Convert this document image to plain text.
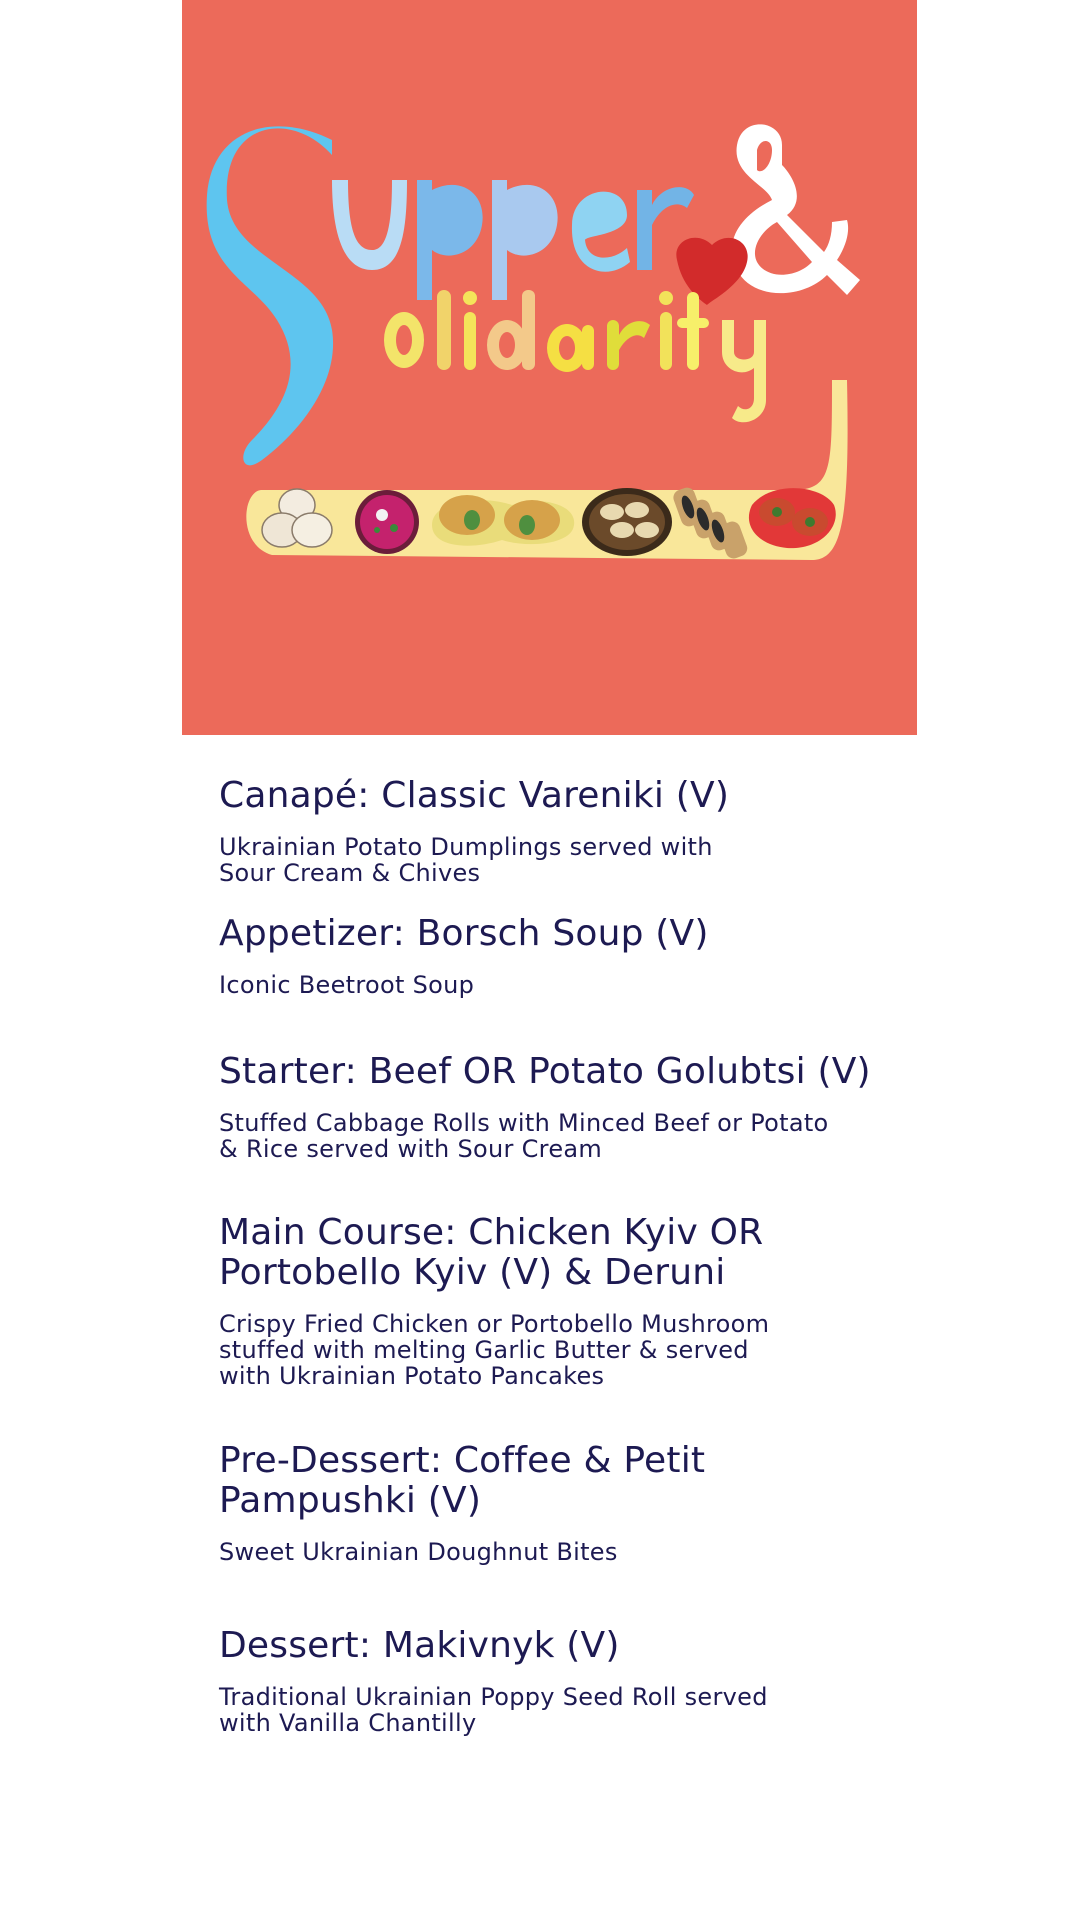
Canapé: Classic Vareniki (V)

Ukrainian Potato Dumplings served with
Sour Cream & Chives

Appetizer: Borsch Soup (V)

Iconic Beetroot Soup

Starter: Beef OR Potato Golubtsi (V)

Stuffed Cabbage Rolls with Minced Beef or Potato
& Rice served with Sour Cream

Main Course: Chicken Kyiv OR
Portobello Kyiv (V) & Deruni

Crispy Fried Chicken or Portobello Mushroom
stuffed with melting Garlic Butter & served
with Ukrainian Potato Pancakes

Pre-Dessert: Coffee & Petit
Pampushki (V)

Sweet Ukrainian Doughnut Bites

Dessert: Makivnyk (V)

Traditional Ukrainian Poppy Seed Roll served
with Vanilla Chantilly
